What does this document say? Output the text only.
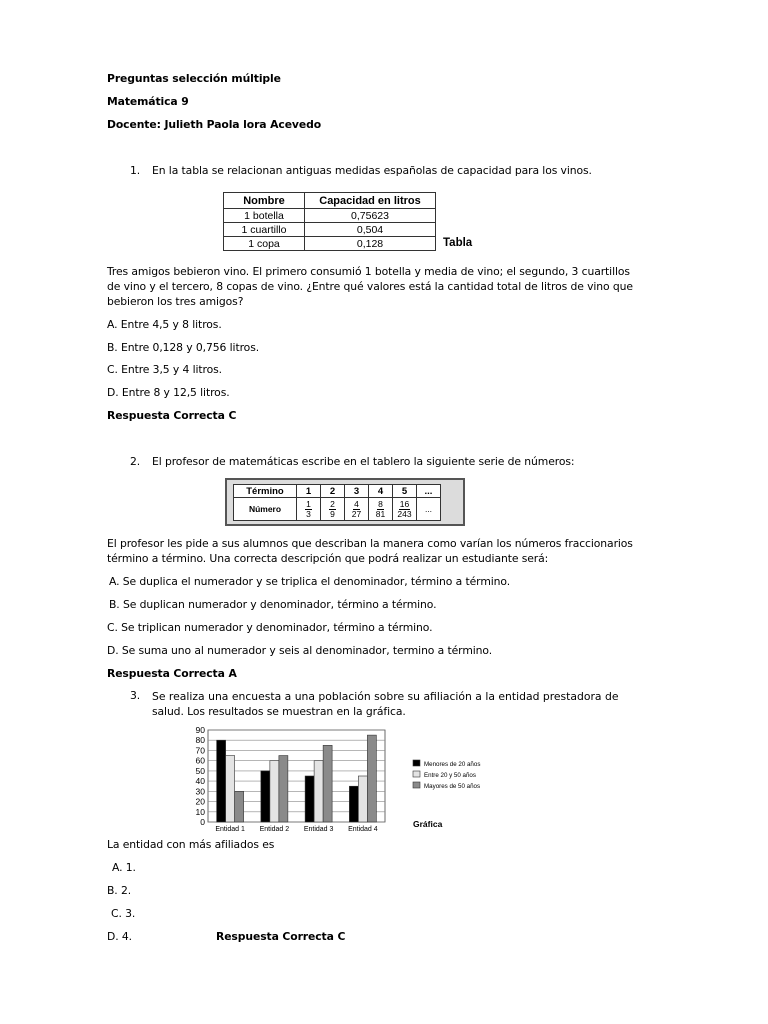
Preguntas selección múltiple
Matemática 9
Docente: Julieth Paola lora Acevedo
1. En la tabla se relacionan antiguas medidas españolas de capacidad para los vinos.
Nombre	Capacidad en litros
1 botella	0,75623
1 cuartillo	0,504
1 copa	0,128	Tabla
Tres amigos bebieron vino. El primero consumió 1 botella y media de vino; el segundo, 3 cuartillos
de vino y el tercero, 8 copas de vino. ¿Entre qué valores está la cantidad total de litros de vino que
bebieron los tres amigos?
A. Entre 4,5 y 8 litros.
B. Entre 0,128 y 0,756 litros.
C. Entre 3,5 y 4 litros.
D. Entre 8 y 12,5 litros.
Respuesta Correcta C
2. El profesor de matemáticas escribe en el tablero la siguiente serie de números:
Término	1	2	3	4	5	...
Número	$\frac{1}{3}$	$\frac{2}{9}$	$\frac{4}{27}$	$\frac{8}{81}$	$\frac{16}{243}$	...
El profesor les pide a sus alumnos que describan la manera como varían los números fraccionarios
término a término. Una correcta descripción que podrá realizar un estudiante será:
A. Se duplica el numerador y se triplica el denominador, término a término.
B. Se duplican numerador y denominador, término a término.
C. Se triplican numerador y denominador, término a término.
D. Se suma uno al numerador y seis al denominador, termino a término.
Respuesta Correcta A
3. Se realiza una encuesta a una población sobre su afiliación a la entidad prestadora de
salud. Los resultados se muestran en la gráfica.
0
10
20
30
40
50
60
70
80
90
Entidad 1 Entidad 2 Entidad 3 Entidad 4
Menores de 20 años
Entre 20 y 50 años
Mayores de 50 años
Gráfica
La entidad con más afiliados es
A. 1.
B. 2.
C. 3.
D. 4.	Respuesta Correcta C
